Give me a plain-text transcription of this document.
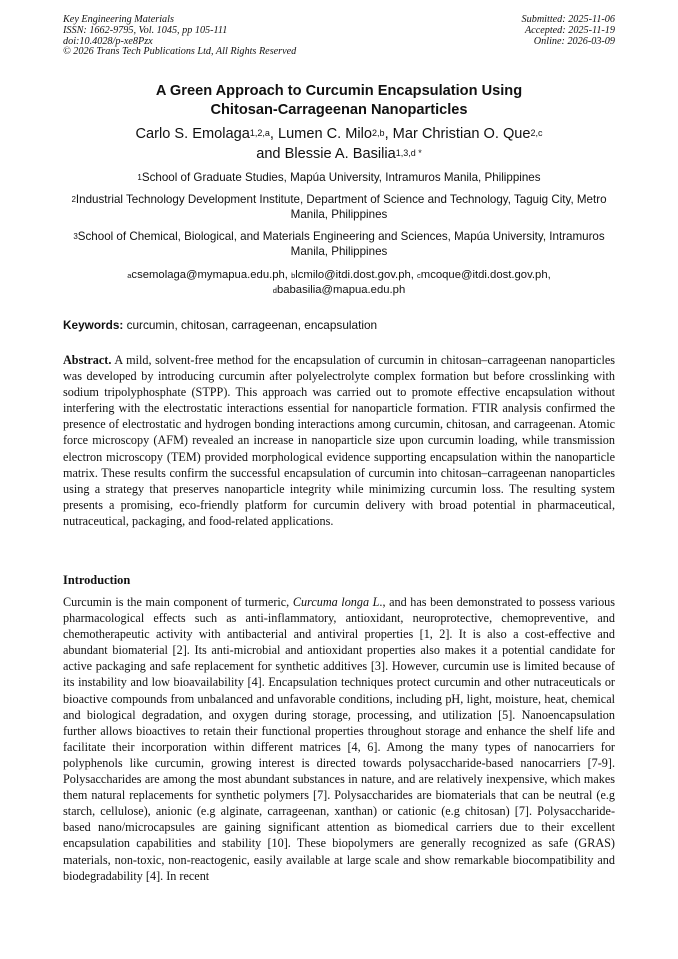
Key Engineering Materials
ISSN: 1662-9795, Vol. 1045, pp 105-111
doi:10.4028/p-xe8Pzx
© 2026 Trans Tech Publications Ltd, All Rights Reserved
Submitted: 2025-11-06
Accepted: 2025-11-19
Online: 2026-03-09
A Green Approach to Curcumin Encapsulation Using
Chitosan-Carrageenan Nanoparticles
Carlo S. Emolaga$^{1,2,a}$, Lumen C. Milo$^{2,b}$, Mar Christian O. Que$^{2,c}$
and Blessie A. Basilia$^{1,3,d *}$
$^1$School of Graduate Studies, Mapúa University, Intramuros Manila, Philippines
$^2$Industrial Technology Development Institute, Department of Science and Technology, Taguig City, Metro Manila, Philippines
$^3$School of Chemical, Biological, and Materials Engineering and Sciences, Mapúa University, Intramuros Manila, Philippines
$^a$csemolaga@mymapua.edu.ph, $^b$lcmilo@itdi.dost.gov.ph, $^c$mcoque@itdi.dost.gov.ph,
$^d$babasilia@mapua.edu.ph
Keywords: curcumin, chitosan, carrageenan, encapsulation

Abstract. A mild, solvent-free method for the encapsulation of curcumin in chitosan–carrageenan nanoparticles was developed by introducing curcumin after polyelectrolyte complex formation but before crosslinking with sodium tripolyphosphate (STPP). This approach was carried out to promote effective encapsulation without interfering with the electrostatic interactions essential for nanoparticle formation. FTIR analysis confirmed the presence of electrostatic and hydrogen bonding interactions among curcumin, chitosan, and carrageenan. Atomic force microscopy (AFM) revealed an increase in nanoparticle size upon curcumin loading, while transmission electron microscopy (TEM) provided morphological evidence supporting encapsulation within the nanoparticle matrix. These results confirm the successful encapsulation of curcumin into chitosan–carrageenan nanoparticles using a strategy that preserves nanoparticle integrity while minimizing curcumin loss. The resulting system presents a promising, eco-friendly platform for curcumin delivery with broad potential in pharmaceutical, nutraceutical, packaging, and food-related applications.

Introduction

Curcumin is the main component of turmeric, Curcuma longa L., and has been demonstrated to possess various pharmacological effects such as anti-inflammatory, antioxidant, neuroprotective, chemopreventive, and chemotherapeutic activity with antibacterial and antiviral properties [1, 2]. It is also a cost-effective and abundant biomaterial [2]. Its anti-microbial and antioxidant properties also makes it a potential candidate for active packaging and safe replacement for synthetic additives [3]. However, curcumin use is limited because of its instability and low bioavailability [4]. Encapsulation techniques protect curcumin and other nutraceuticals or bioactive compounds from unbalanced and unfavorable conditions, including pH, light, moisture, heat, chemical and biological degradation, and oxygen during storage, processing, and utilization [5]. Nanoencapsulation further allows bioactives to retain their functional properties throughout storage and enhance the shelf life and facilitate their incorporation within different matrices [4, 6]. Among the many types of nanocarriers for polyphenols like curcumin, growing interest is directed towards polysaccharide-based nanocarriers [7-9]. Polysaccharides are among the most abundant substances in nature, and are relatively inexpensive, which makes them natural replacements for synthetic polymers [7]. Polysaccharides are biomaterials that can be neutral (e.g starch, cellulose), anionic (e.g alginate, carrageenan, xanthan) or cationic (e.g chitosan) [7]. Polysaccharide-based nano/microcapsules are gaining significant attention as biomedical carriers due to their excellent encapsulation capabilities and stability [10]. These biopolymers are generally recognized as safe (GRAS) materials, non-toxic, non-reactogenic, easily available at large scale and show remarkable biocompatibility and biodegradability [4]. In recent
